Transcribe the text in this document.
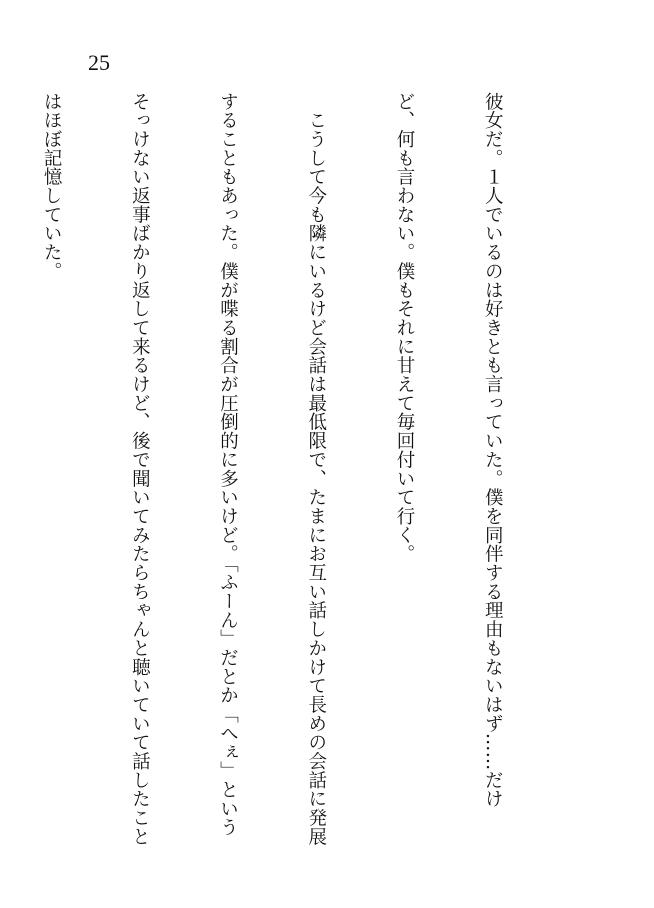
25

彼女だ。１人でいるのは好きとも言っていた。僕を同伴する理由もないはず……だけ

ど、何も言わない。僕もそれに甘えて毎回付いて行く。

　こうして今も隣にいるけど会話は最低限で、たまにお互い話しかけて長めの会話に発展

することもあった。僕が喋る割合が圧倒的に多いけど。「ふーん」だとか「へぇ」という

そっけない返事ばかり返して来るけど、後で聞いてみたらちゃんと聴いていて話したこと

はほぼ記憶していた。
